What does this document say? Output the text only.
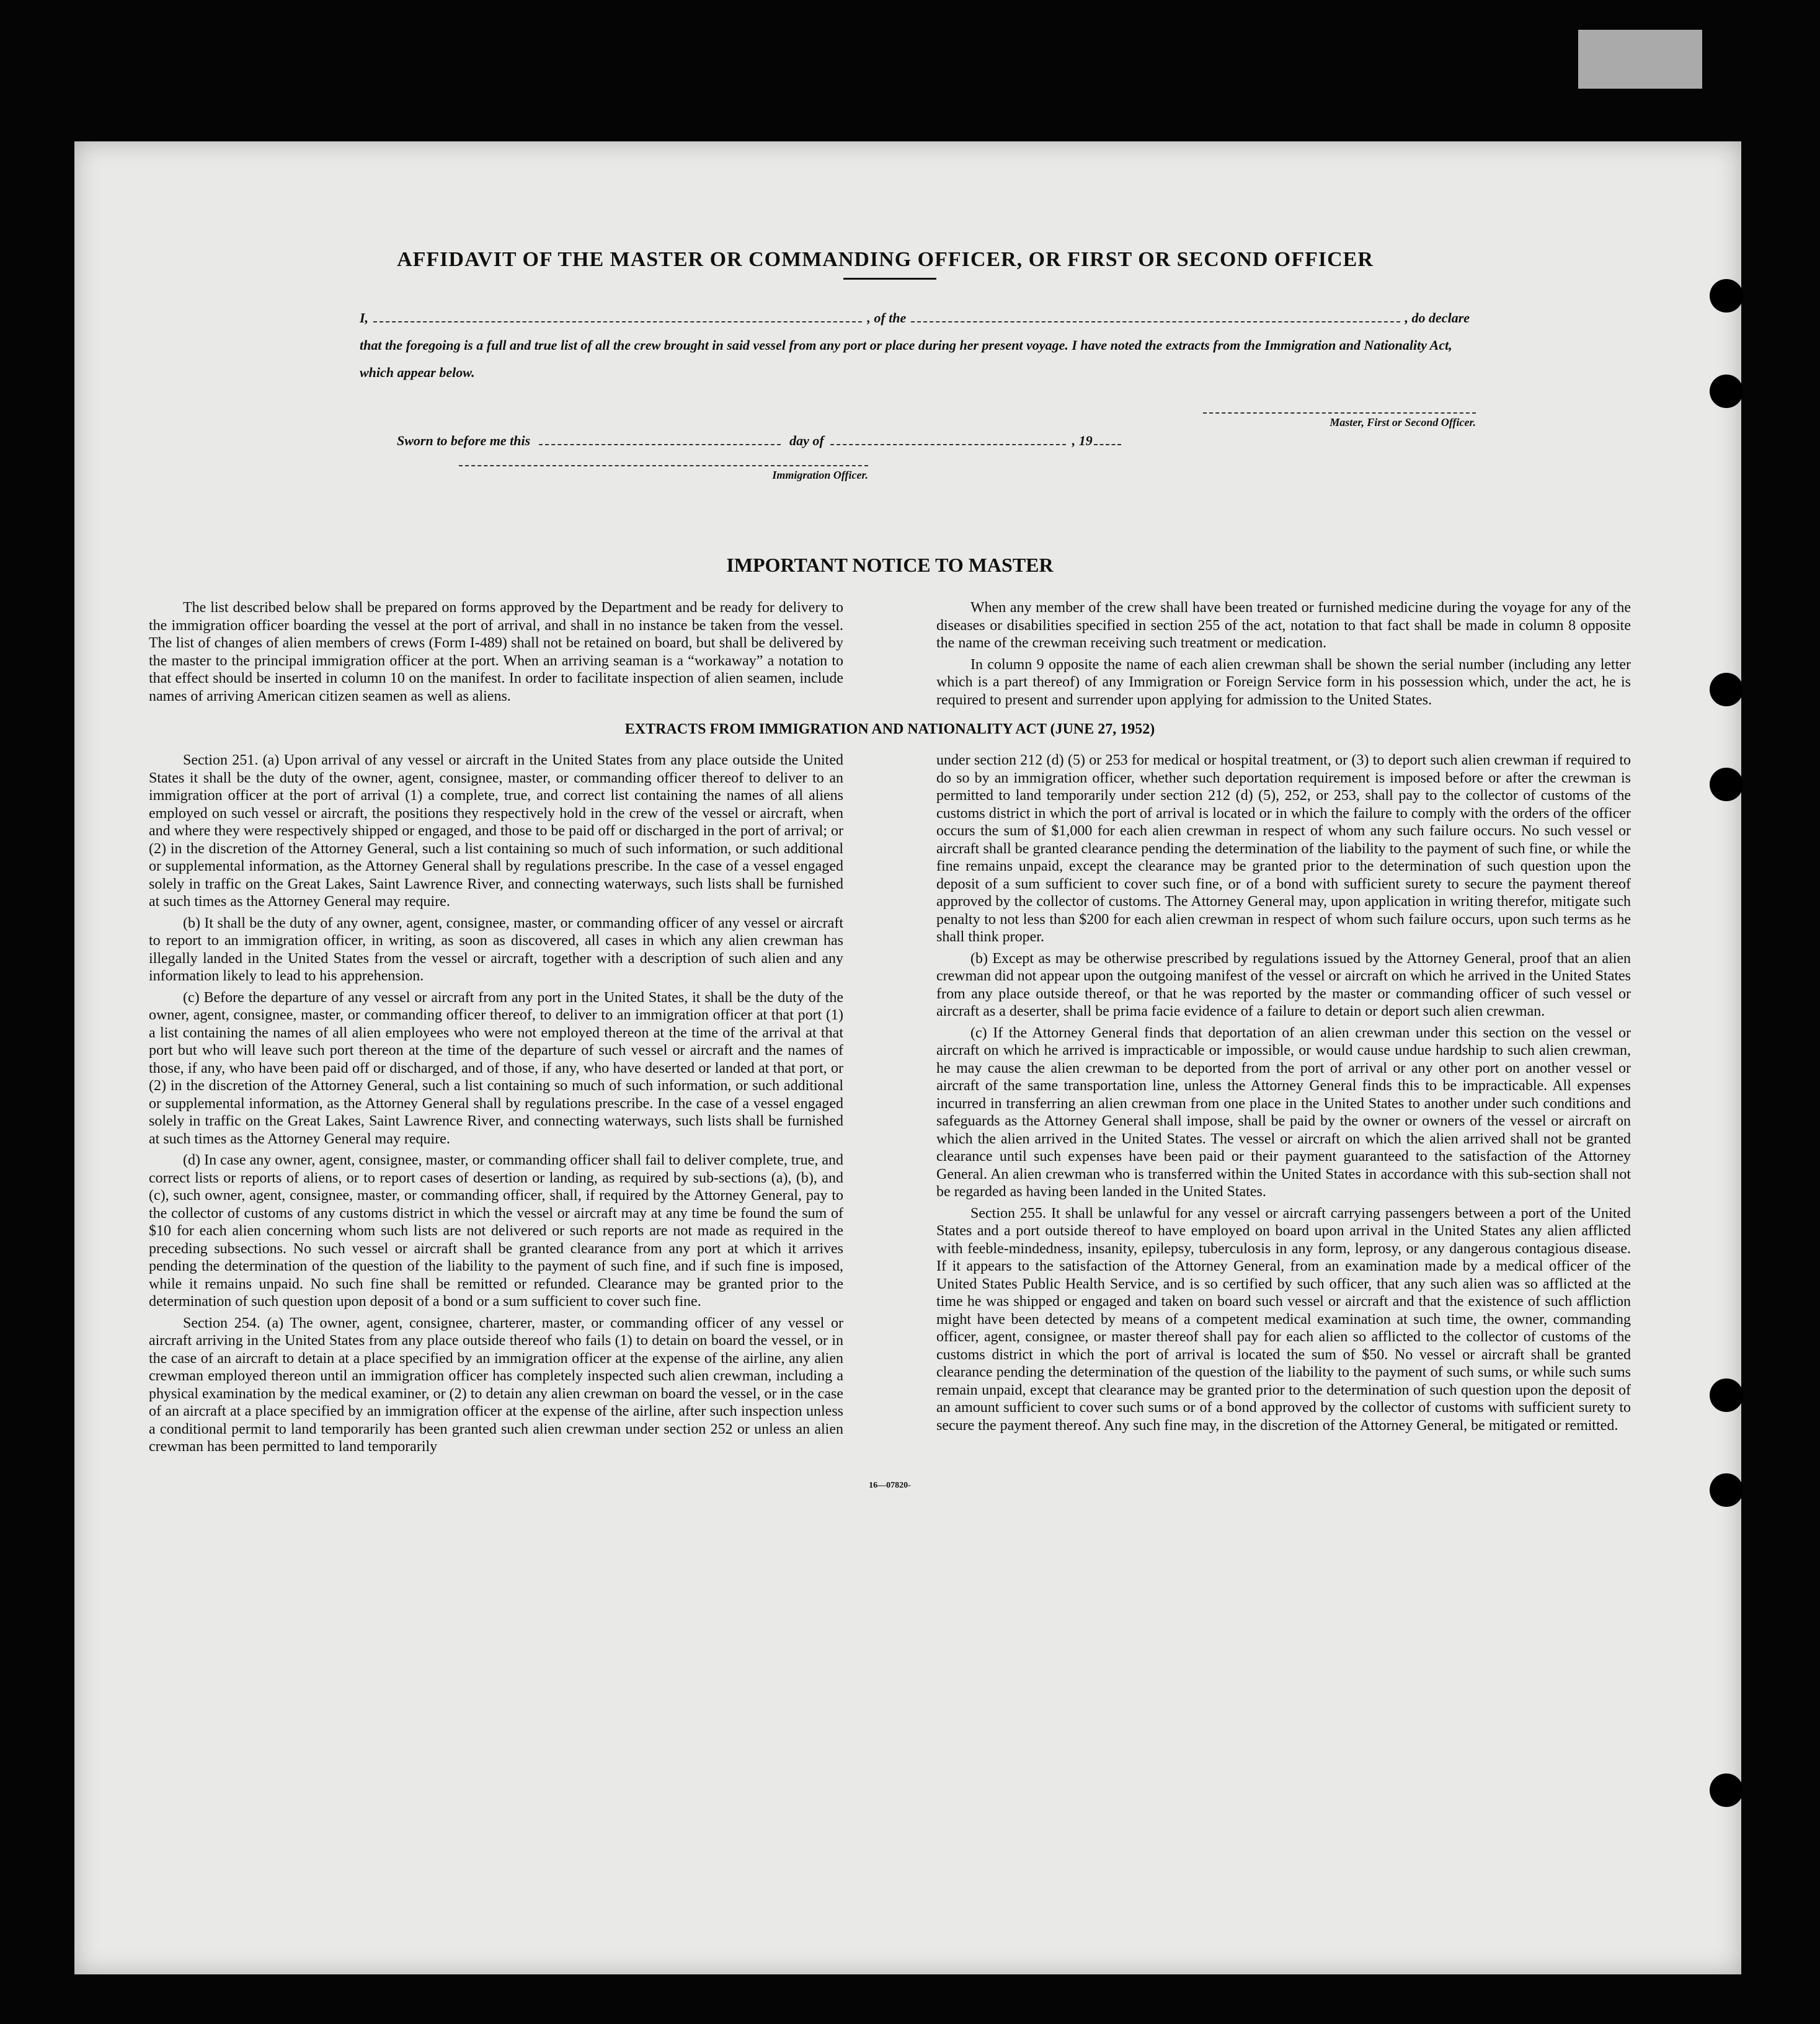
AFFIDAVIT OF THE MASTER OR COMMANDING OFFICER, OR FIRST OR SECOND OFFICER
I,	, of the	, do declare
that the foregoing is a full and true list of all the crew brought in said vessel from any port or place during her present voyage. I have noted the extracts from the Immigration and Nationality Act, which appear below.
Master, First or Second Officer.
Sworn to before me this	day of	, 19
Immigration Officer.
IMPORTANT NOTICE TO MASTER

The list described below shall be prepared on forms approved by the Department and be ready for delivery to the immigration officer boarding the vessel at the port of arrival, and shall in no instance be taken from the vessel. The list of changes of alien members of crews (Form I-489) shall not be retained on board, but shall be delivered by the master to the principal immigration officer at the port. When an arriving seaman is a “workaway” a notation to that effect should be inserted in column 10 on the manifest. In order to facilitate inspection of alien seamen, include names of arriving American citizen seamen as well as aliens.

When any member of the crew shall have been treated or furnished medicine during the voyage for any of the diseases or disabilities specified in section 255 of the act, notation to that fact shall be made in column 8 opposite the name of the crewman receiving such treatment or medication.

In column 9 opposite the name of each alien crewman shall be shown the serial number (including any letter which is a part thereof) of any Immigration or Foreign Service form in his possession which, under the act, he is required to present and surrender upon applying for admission to the United States.

EXTRACTS FROM IMMIGRATION AND NATIONALITY ACT (JUNE 27, 1952)

Section 251. (a) Upon arrival of any vessel or aircraft in the United States from any place outside the United States it shall be the duty of the owner, agent, consignee, master, or commanding officer thereof to deliver to an immigration officer at the port of arrival (1) a complete, true, and correct list containing the names of all aliens employed on such vessel or aircraft, the positions they respectively hold in the crew of the vessel or aircraft, when and where they were respectively shipped or engaged, and those to be paid off or discharged in the port of arrival; or (2) in the discretion of the Attorney General, such a list containing so much of such information, or such additional or supplemental information, as the Attorney General shall by regulations prescribe. In the case of a vessel engaged solely in traffic on the Great Lakes, Saint Lawrence River, and connecting waterways, such lists shall be furnished at such times as the Attorney General may require.

(b) It shall be the duty of any owner, agent, consignee, master, or commanding officer of any vessel or aircraft to report to an immigration officer, in writing, as soon as discovered, all cases in which any alien crewman has illegally landed in the United States from the vessel or aircraft, together with a description of such alien and any information likely to lead to his apprehension.

(c) Before the departure of any vessel or aircraft from any port in the United States, it shall be the duty of the owner, agent, consignee, master, or commanding officer thereof, to deliver to an immigration officer at that port (1) a list containing the names of all alien employees who were not employed thereon at the time of the arrival at that port but who will leave such port thereon at the time of the departure of such vessel or aircraft and the names of those, if any, who have been paid off or discharged, and of those, if any, who have deserted or landed at that port, or (2) in the discretion of the Attorney General, such a list containing so much of such information, or such additional or supplemental information, as the Attorney General shall by regulations prescribe. In the case of a vessel engaged solely in traffic on the Great Lakes, Saint Lawrence River, and connecting waterways, such lists shall be furnished at such times as the Attorney General may require.

(d) In case any owner, agent, consignee, master, or commanding officer shall fail to deliver complete, true, and correct lists or reports of aliens, or to report cases of desertion or landing, as required by sub-sections (a), (b), and (c), such owner, agent, consignee, master, or commanding officer, shall, if required by the Attorney General, pay to the collector of customs of any customs district in which the vessel or aircraft may at any time be found the sum of $10 for each alien concerning whom such lists are not delivered or such reports are not made as required in the preceding subsections. No such vessel or aircraft shall be granted clearance from any port at which it arrives pending the determination of the question of the liability to the payment of such fine, and if such fine is imposed, while it remains unpaid. No such fine shall be remitted or refunded. Clearance may be granted prior to the determination of such question upon deposit of a bond or a sum sufficient to cover such fine.

Section 254. (a) The owner, agent, consignee, charterer, master, or commanding officer of any vessel or aircraft arriving in the United States from any place outside thereof who fails (1) to detain on board the vessel, or in the case of an aircraft to detain at a place specified by an immigration officer at the expense of the airline, any alien crewman employed thereon until an immigration officer has completely inspected such alien crewman, including a physical examination by the medical examiner, or (2) to detain any alien crewman on board the vessel, or in the case of an aircraft at a place specified by an immigration officer at the expense of the airline, after such inspection unless a conditional permit to land temporarily has been granted such alien crewman under section 252 or unless an alien crewman has been permitted to land temporarily

under section 212 (d) (5) or 253 for medical or hospital treatment, or (3) to deport such alien crewman if required to do so by an immigration officer, whether such deportation requirement is imposed before or after the crewman is permitted to land temporarily under section 212 (d) (5), 252, or 253, shall pay to the collector of customs of the customs district in which the port of arrival is located or in which the failure to comply with the orders of the officer occurs the sum of $1,000 for each alien crewman in respect of whom any such failure occurs. No such vessel or aircraft shall be granted clearance pending the determination of the liability to the payment of such fine, or while the fine remains unpaid, except the clearance may be granted prior to the determination of such question upon the deposit of a sum sufficient to cover such fine, or of a bond with sufficient surety to secure the payment thereof approved by the collector of customs. The Attorney General may, upon application in writing therefor, mitigate such penalty to not less than $200 for each alien crewman in respect of whom such failure occurs, upon such terms as he shall think proper.

(b) Except as may be otherwise prescribed by regulations issued by the Attorney General, proof that an alien crewman did not appear upon the outgoing manifest of the vessel or aircraft on which he arrived in the United States from any place outside thereof, or that he was reported by the master or commanding officer of such vessel or aircraft as a deserter, shall be prima facie evidence of a failure to detain or deport such alien crewman.

(c) If the Attorney General finds that deportation of an alien crewman under this section on the vessel or aircraft on which he arrived is impracticable or impossible, or would cause undue hardship to such alien crewman, he may cause the alien crewman to be deported from the port of arrival or any other port on another vessel or aircraft of the same transportation line, unless the Attorney General finds this to be impracticable. All expenses incurred in transferring an alien crewman from one place in the United States to another under such conditions and safeguards as the Attorney General shall impose, shall be paid by the owner or owners of the vessel or aircraft on which the alien arrived in the United States. The vessel or aircraft on which the alien arrived shall not be granted clearance until such expenses have been paid or their payment guaranteed to the satisfaction of the Attorney General. An alien crewman who is transferred within the United States in accordance with this sub-section shall not be regarded as having been landed in the United States.

Section 255. It shall be unlawful for any vessel or aircraft carrying passengers between a port of the United States and a port outside thereof to have employed on board upon arrival in the United States any alien afflicted with feeble-mindedness, insanity, epilepsy, tuberculosis in any form, leprosy, or any dangerous contagious disease. If it appears to the satisfaction of the Attorney General, from an examination made by a medical officer of the United States Public Health Service, and is so certified by such officer, that any such alien was so afflicted at the time he was shipped or engaged and taken on board such vessel or aircraft and that the existence of such affliction might have been detected by means of a competent medical examination at such time, the owner, commanding officer, agent, consignee, or master thereof shall pay for each alien so afflicted to the collector of customs of the customs district in which the port of arrival is located the sum of $50. No vessel or aircraft shall be granted clearance pending the determination of the question of the liability to the payment of such sums, or while such sums remain unpaid, except that clearance may be granted prior to the determination of such question upon the deposit of an amount sufficient to cover such sums or of a bond approved by the collector of customs with sufficient surety to secure the payment thereof. Any such fine may, in the discretion of the Attorney General, be mitigated or remitted.

16—07820-
